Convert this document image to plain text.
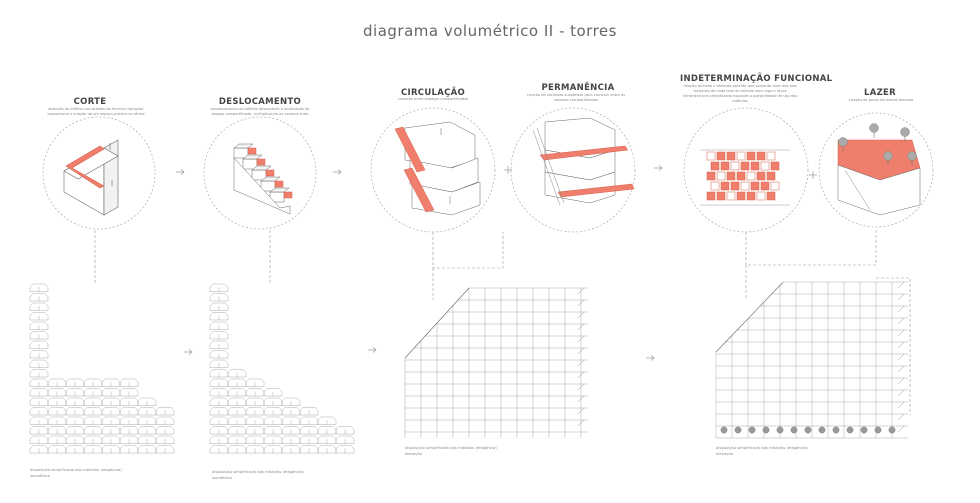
diagrama volumétrico II - torres
CORTE
abdução do edifício nas arestas do terreno triangular proporciona a criação de um espaço público no térreo
DESLOCAMENTO
escalonamento do edifício desconstrói a localização do espaço compartilhado, multiplicando os acessos a ele
CIRCULAÇÃO
conexão entre espaços compartilhados
PERMANÊNCIA
criação de varandas suspensas para conviver entre os espaços compartilhados
INDETERMINAÇÃO FUNCIONAL
relação fachada x varanda garante que somente duas das seis fachadas de cada lado do módulo seja cega e favos infraestrutural centralizado expande a possibilidade de uso dos módulos
LAZER
criação de praça horizontal elevada
disposição simplificada dos módulos (elegância)
isométrica
disposição simplificada dos módulos (elegância)
isométrica
disposição simplificada dos módulos (elegância)
elevação
disposição simplificada dos módulos (elegância)
elevação
